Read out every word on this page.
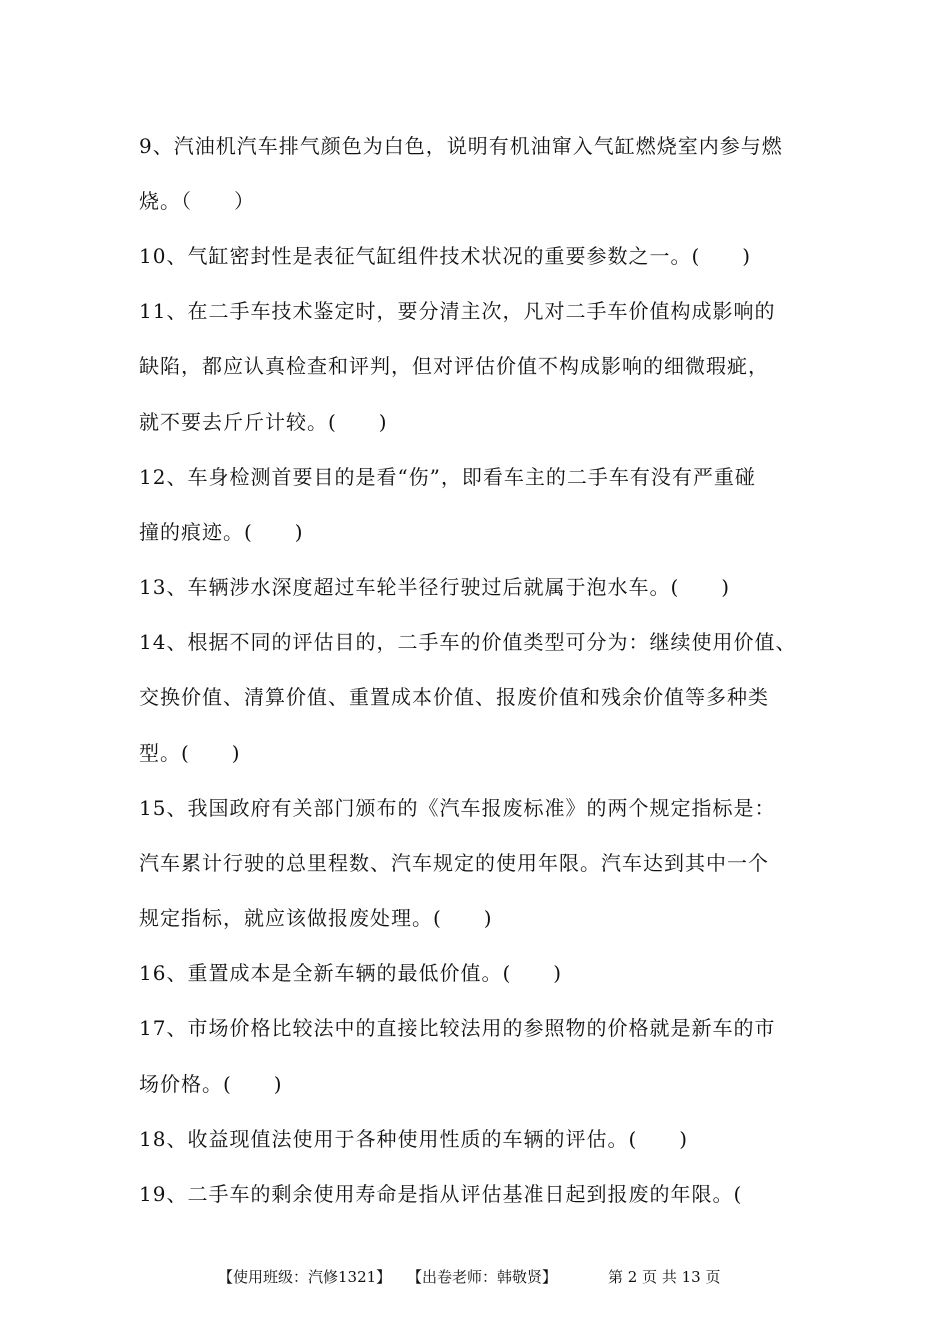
9、汽油机汽车排气颜色为白色，说明有机油窜入气缸燃烧室内参与燃
烧。（　　）
10、气缸密封性是表征气缸组件技术状况的重要参数之一。(　　)
11、在二手车技术鉴定时，要分清主次，凡对二手车价值构成影响的
缺陷，都应认真检查和评判，但对评估价值不构成影响的细微瑕疵，
就不要去斤斤计较。(　　)
12、车身检测首要目的是看“伤”，即看车主的二手车有没有严重碰
撞的痕迹。(　　)
13、车辆涉水深度超过车轮半径行驶过后就属于泡水车。(　　)
14、根据不同的评估目的，二手车的价值类型可分为：继续使用价值、
交换价值、清算价值、重置成本价值、报废价值和残余价值等多种类
型。(　　)
15、我国政府有关部门颁布的《汽车报废标准》的两个规定指标是：
汽车累计行驶的总里程数、汽车规定的使用年限。汽车达到其中一个
规定指标，就应该做报废处理。(　　)
16、重置成本是全新车辆的最低价值。(　　)
17、市场价格比较法中的直接比较法用的参照物的价格就是新车的市
场价格。(　　)
18、收益现值法使用于各种使用性质的车辆的评估。(　　)
19、二手车的剩余使用寿命是指从评估基准日起到报废的年限。(
【使用班级：汽修1321】 【出卷老师：韩敬贤】	第 2 页 共 13 页
